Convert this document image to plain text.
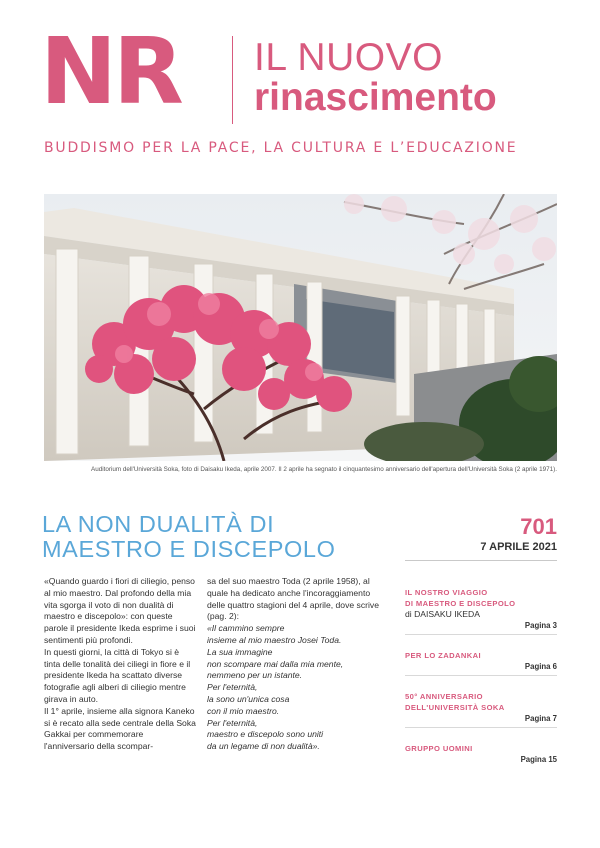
NR IL NUOVO
rinascimento
BUDDISMO PER LA PACE, LA CULTURA E L’EDUCAZIONE
Auditorium dell'Università Soka, foto di Daisaku Ikeda, aprile 2007. Il 2 aprile ha segnato il cinquantesimo anniversario dell'apertura dell'Università Soka (2 aprile 1971).
LA NON DUALITÀ DI
MAESTRO E DISCEPOLO
701
7 APRILE 2021

«Quando guardo i fiori di ciliegio, penso al mio maestro. Dal profondo della mia vita sgorga il voto di non dualità di maestro e discepolo»: con queste parole il presidente Ikeda esprime i suoi sentimenti più profondi.

In questi giorni, la città di Tokyo si è tinta delle tonalità dei ciliegi in fiore e il presidente Ikeda ha scattato diverse fotografie agli alberi di ciliegio mentre girava in auto.

Il 1° aprile, insieme alla signora Kaneko si è recato alla sede centrale della Soka Gakkai per commemorare l'anniversario della scompar-

sa del suo maestro Toda (2 aprile 1958), al quale ha dedicato anche l'incoraggiamento delle quattro stagioni del 4 aprile, dove scrive (pag. 2):

«Il cammino sempre

insieme al mio maestro Josei Toda.

La sua immagine

non scompare mai dalla mia mente,

nemmeno per un istante.

Per l'eternità,

la sono un'unica cosa

con il mio maestro.

Per l'eternità,

maestro e discepolo sono uniti

da un legame di non dualità».

IL NOSTRO VIAGGIO
DI MAESTRO E DISCEPOLO
di DAISAKU IKEDA
Pagina 3
PER LO ZADANKAI
Pagina 6
50° ANNIVERSARIO
DELL'UNIVERSITÀ SOKA
Pagina 7
GRUPPO UOMINI
Pagina 15
